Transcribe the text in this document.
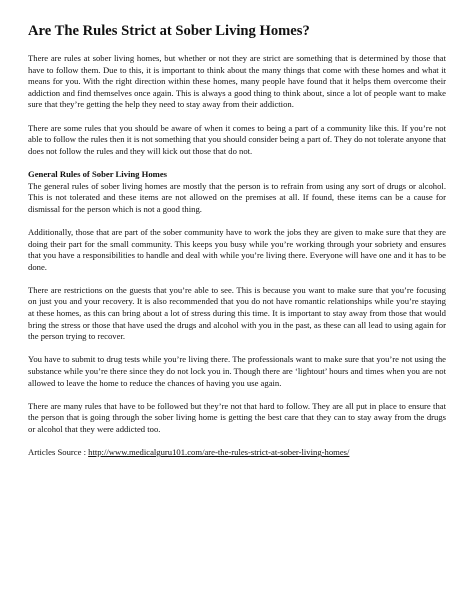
Are The Rules Strict at Sober Living Homes?

There are rules at sober living homes, but whether or not they are strict are something that is determined by those that have to follow them. Due to this, it is important to think about the many things that come with these homes and what it means for you. With the right direction within these homes, many people have found that it helps them overcome their addiction and find themselves once again. This is always a good thing to think about, since a lot of people want to make sure that they’re getting the help they need to stay away from their addiction.

There are some rules that you should be aware of when it comes to being a part of a community like this. If you’re not able to follow the rules then it is not something that you should consider being a part of. They do not tolerate anyone that does not follow the rules and they will kick out those that do not.

General Rules of Sober Living Homes

The general rules of sober living homes are mostly that the person is to refrain from using any sort of drugs or alcohol. This is not tolerated and these items are not allowed on the premises at all. If found, these items can be a cause for dismissal for the person which is not a good thing.

Additionally, those that are part of the sober community have to work the jobs they are given to make sure that they are doing their part for the small community. This keeps you busy while you’re working through your sobriety and ensures that you have a responsibilities to handle and deal with while you’re living there. Everyone will have one and it has to be done.

There are restrictions on the guests that you’re able to see. This is because you want to make sure that you’re focusing on just you and your recovery. It is also recommended that you do not have romantic relationships while you’re staying at these homes, as this can bring about a lot of stress during this time. It is important to stay away from those that would bring the stress or those that have used the drugs and alcohol with you in the past, as these can all lead to using again for the person trying to recover.

You have to submit to drug tests while you’re living there. The professionals want to make sure that you’re not using the substance while you’re there since they do not lock you in. Though there are ‘lightout’ hours and times when you are not allowed to leave the home to reduce the chances of having you use again.

There are many rules that have to be followed but they’re not that hard to follow. They are all put in place to ensure that the person that is going through the sober living home is getting the best care that they can to stay away from the drugs or alcohol that they were addicted too.

Articles Source : http://www.medicalguru101.com/are-the-rules-strict-at-sober-living-homes/
